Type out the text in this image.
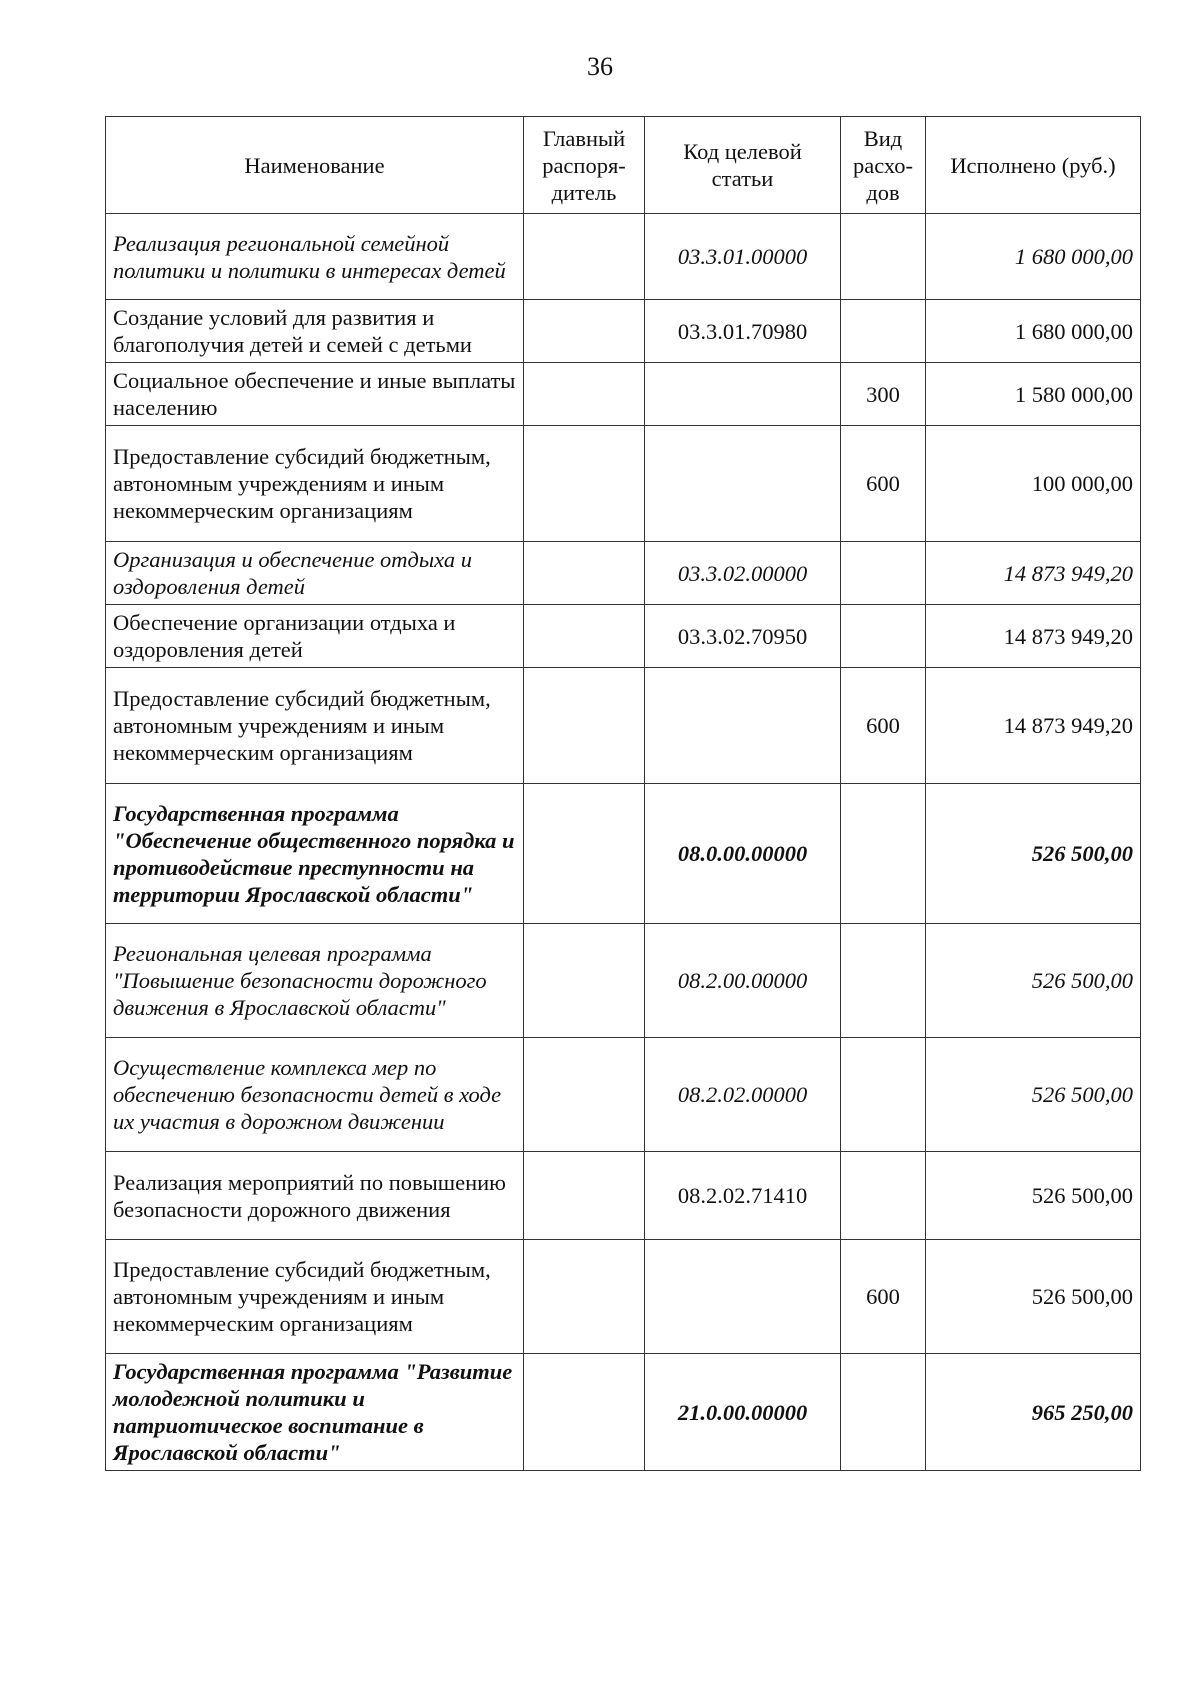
36
Наименование	Главный распоря-дитель	Код целевой статьи	Вид расхо-дов	Исполнено (руб.)
Реализация региональной семейной политики и политики в интересах детей		03.3.01.00000		1 680 000,00
Создание условий для развития и благополучия детей и семей с детьми		03.3.01.70980		1 680 000,00
Социальное обеспечение и иные выплаты населению			300	1 580 000,00
Предоставление субсидий бюджетным, автономным учреждениям и иным некоммерческим организациям			600	100 000,00
Организация и обеспечение отдыха и оздоровления детей		03.3.02.00000		14 873 949,20
Обеспечение организации отдыха и оздоровления детей		03.3.02.70950		14 873 949,20
Предоставление субсидий бюджетным, автономным учреждениям и иным некоммерческим организациям			600	14 873 949,20
Государственная программа "Обеспечение общественного порядка и противодействие преступности на территории Ярославской области"		08.0.00.00000		526 500,00
Региональная целевая программа "Повышение безопасности дорожного движения в Ярославской области"		08.2.00.00000		526 500,00
Осуществление комплекса мер по обеспечению безопасности детей в ходе их участия в дорожном движении		08.2.02.00000		526 500,00
Реализация мероприятий по повышению безопасности дорожного движения		08.2.02.71410		526 500,00
Предоставление субсидий бюджетным, автономным учреждениям и иным некоммерческим организациям			600	526 500,00
Государственная программа "Развитие молодежной политики и патриотическое воспитание в Ярославской области"		21.0.00.00000		965 250,00
